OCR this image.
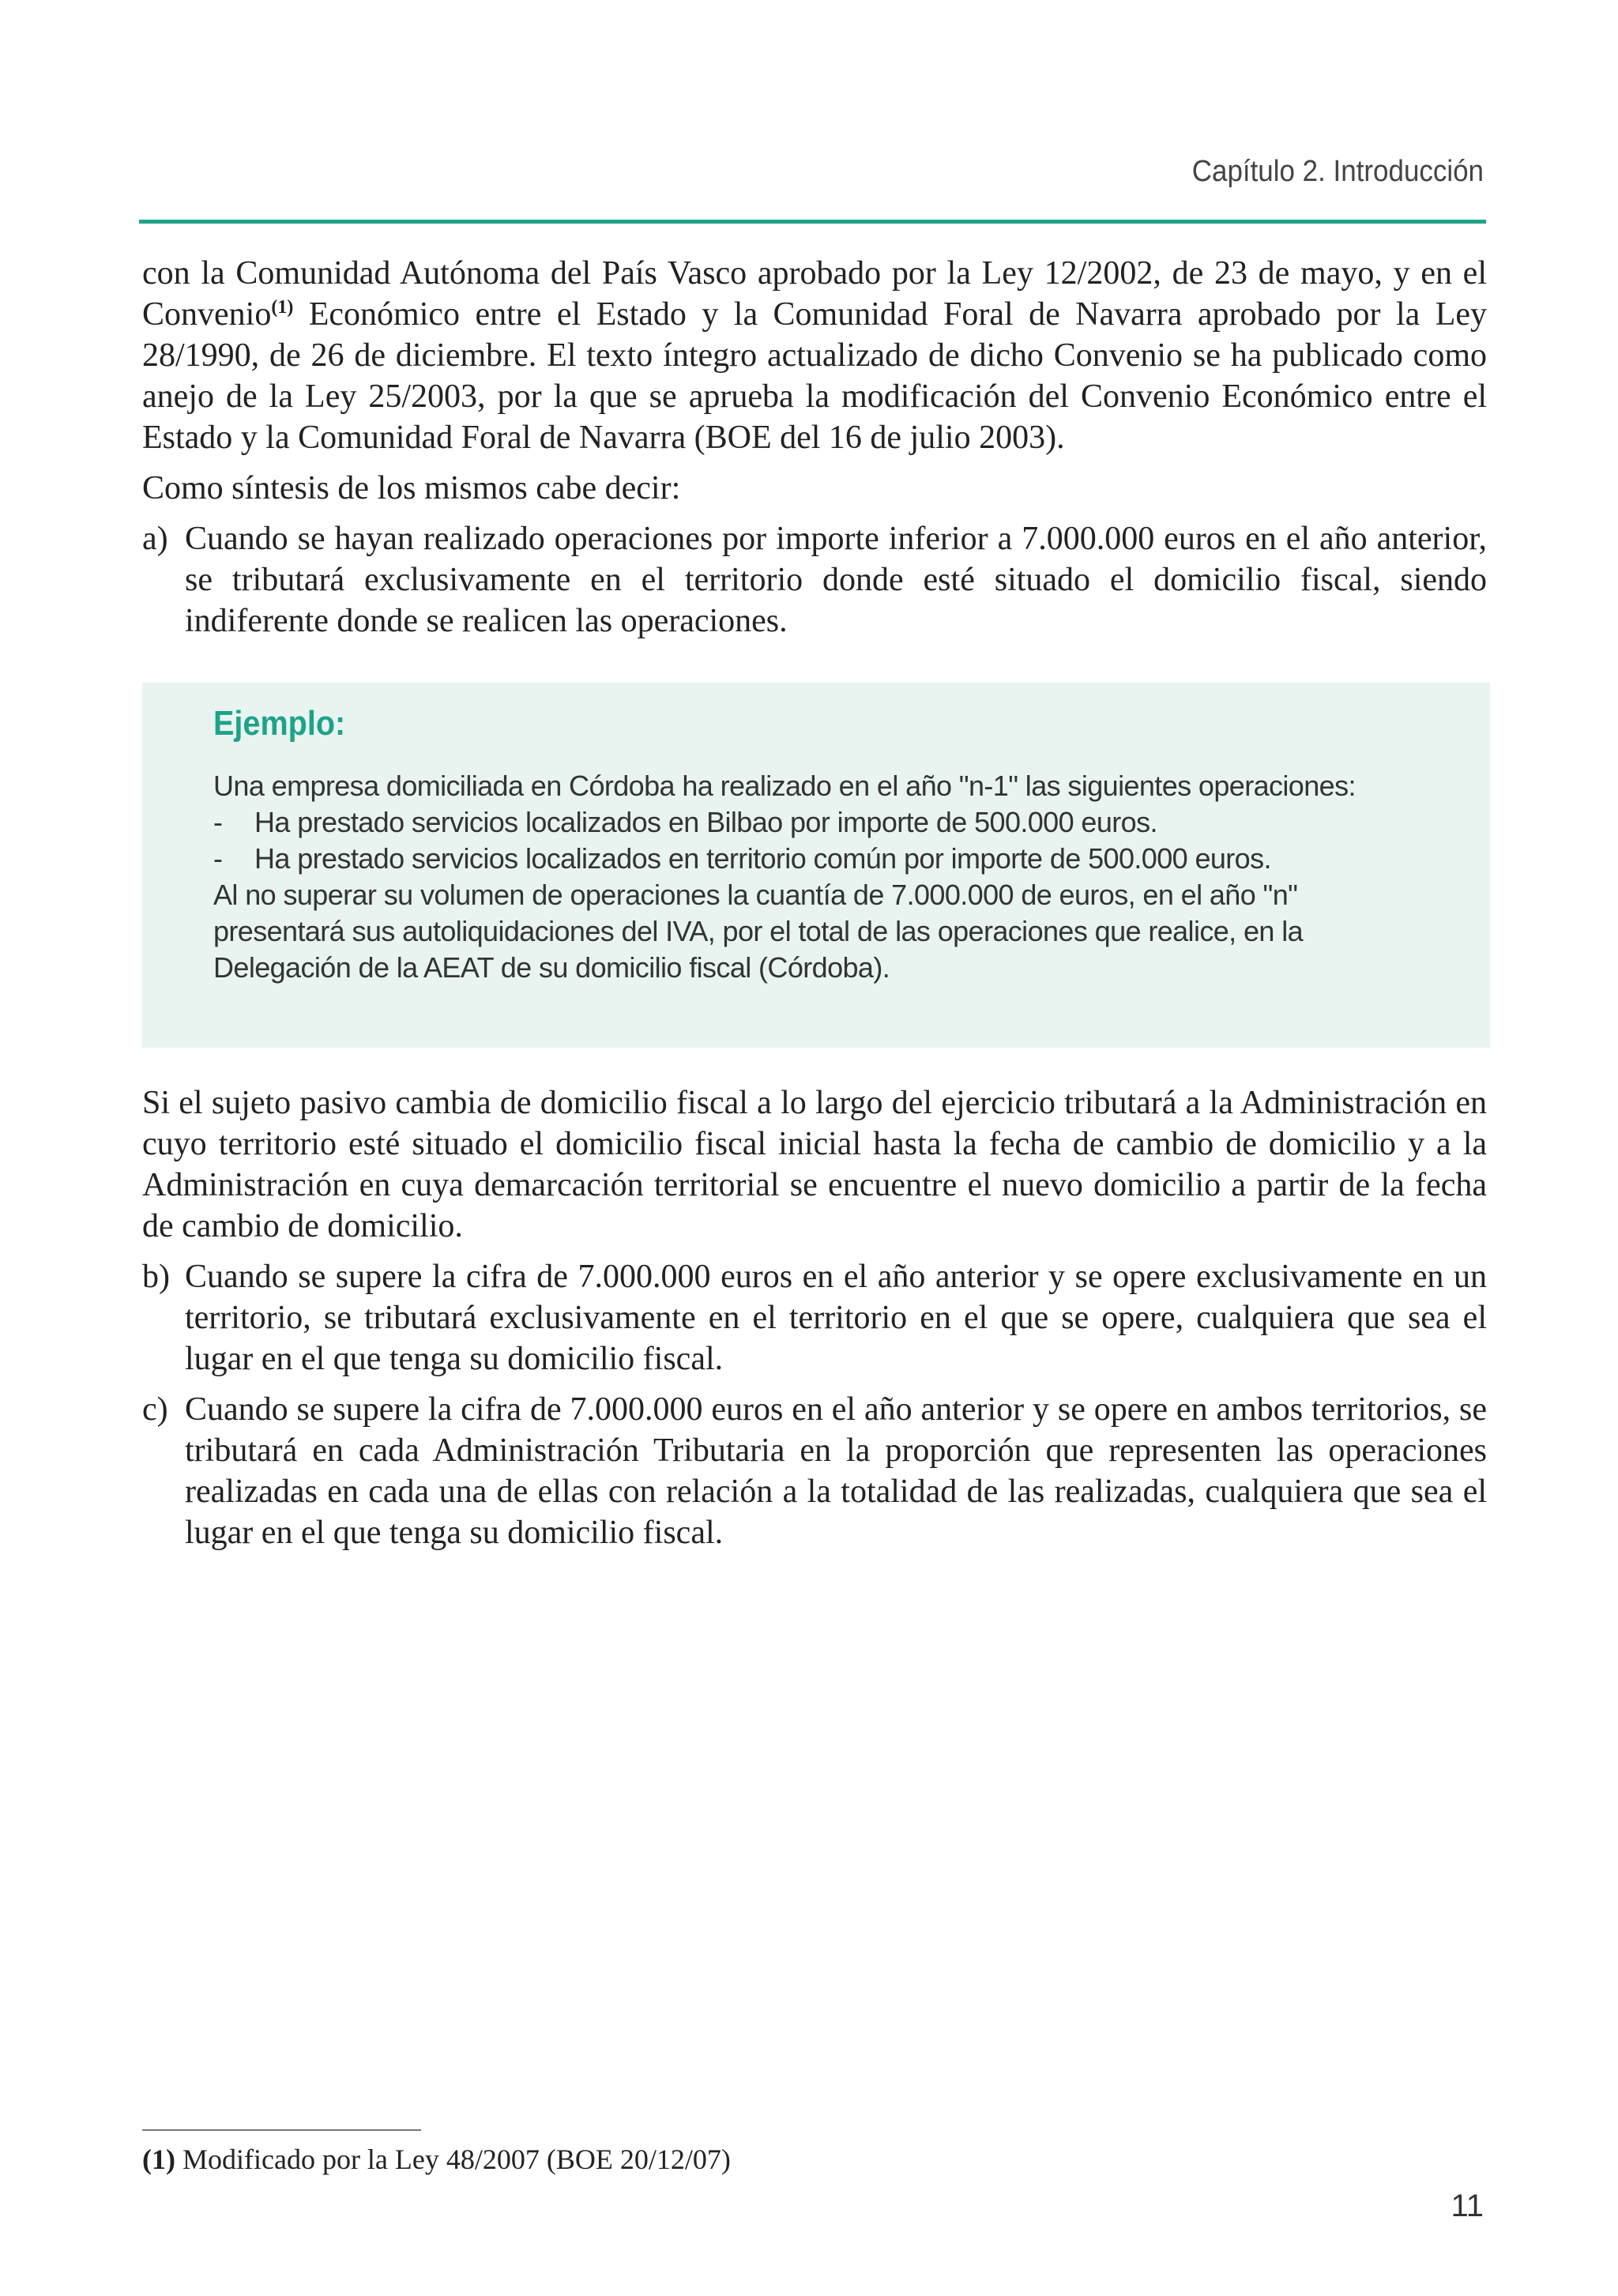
Capítulo 2. Introducción

con la Comunidad Autónoma del País Vasco aprobado por la Ley 12/2002, de 23 de mayo, y en el Convenio$^{(1)}$ Económico entre el Estado y la Comunidad Foral de Navarra aprobado por la Ley 28/1990, de 26 de diciembre. El texto íntegro actualizado de dicho Convenio se ha publicado como anejo de la Ley 25/2003, por la que se aprueba la modificación del Convenio Económico entre el Estado y la Comunidad Foral de Navarra (BOE del 16 de julio 2003).

Como síntesis de los mismos cabe decir:

a) Cuando se hayan realizado operaciones por importe inferior a 7.000.000 euros en el año anterior, se tributará exclusivamente en el territorio donde esté situado el domicilio fiscal, siendo indiferente donde se realicen las operaciones.
Ejemplo:
Una empresa domiciliada en Córdoba ha realizado en el año "n-1" las siguientes operaciones:
-	Ha prestado servicios localizados en Bilbao por importe de 500.000 euros.
-	Ha prestado servicios localizados en territorio común por importe de 500.000 euros.
Al no superar su volumen de operaciones la cuantía de 7.000.000 de euros, en el año "n" presentará sus autoliquidaciones del IVA, por el total de las operaciones que realice, en la Delegación de la AEAT de su domicilio fiscal (Córdoba).

Si el sujeto pasivo cambia de domicilio fiscal a lo largo del ejercicio tributará a la Administración en cuyo territorio esté situado el domicilio fiscal inicial hasta la fecha de cambio de domicilio y a la Administración en cuya demarcación territorial se encuentre el nuevo domicilio a partir de la fecha de cambio de domicilio.

b) Cuando se supere la cifra de 7.000.000 euros en el año anterior y se opere exclusivamente en un territorio, se tributará exclusivamente en el territorio en el que se opere, cualquiera que sea el lugar en el que tenga su domicilio fiscal.
c) Cuando se supere la cifra de 7.000.000 euros en el año anterior y se opere en ambos territorios, se tributará en cada Administración Tributaria en la proporción que representen las operaciones realizadas en cada una de ellas con relación a la totalidad de las realizadas, cualquiera que sea el lugar en el que tenga su domicilio fiscal.
(1) Modificado por la Ley 48/2007 (BOE 20/12/07)
11
